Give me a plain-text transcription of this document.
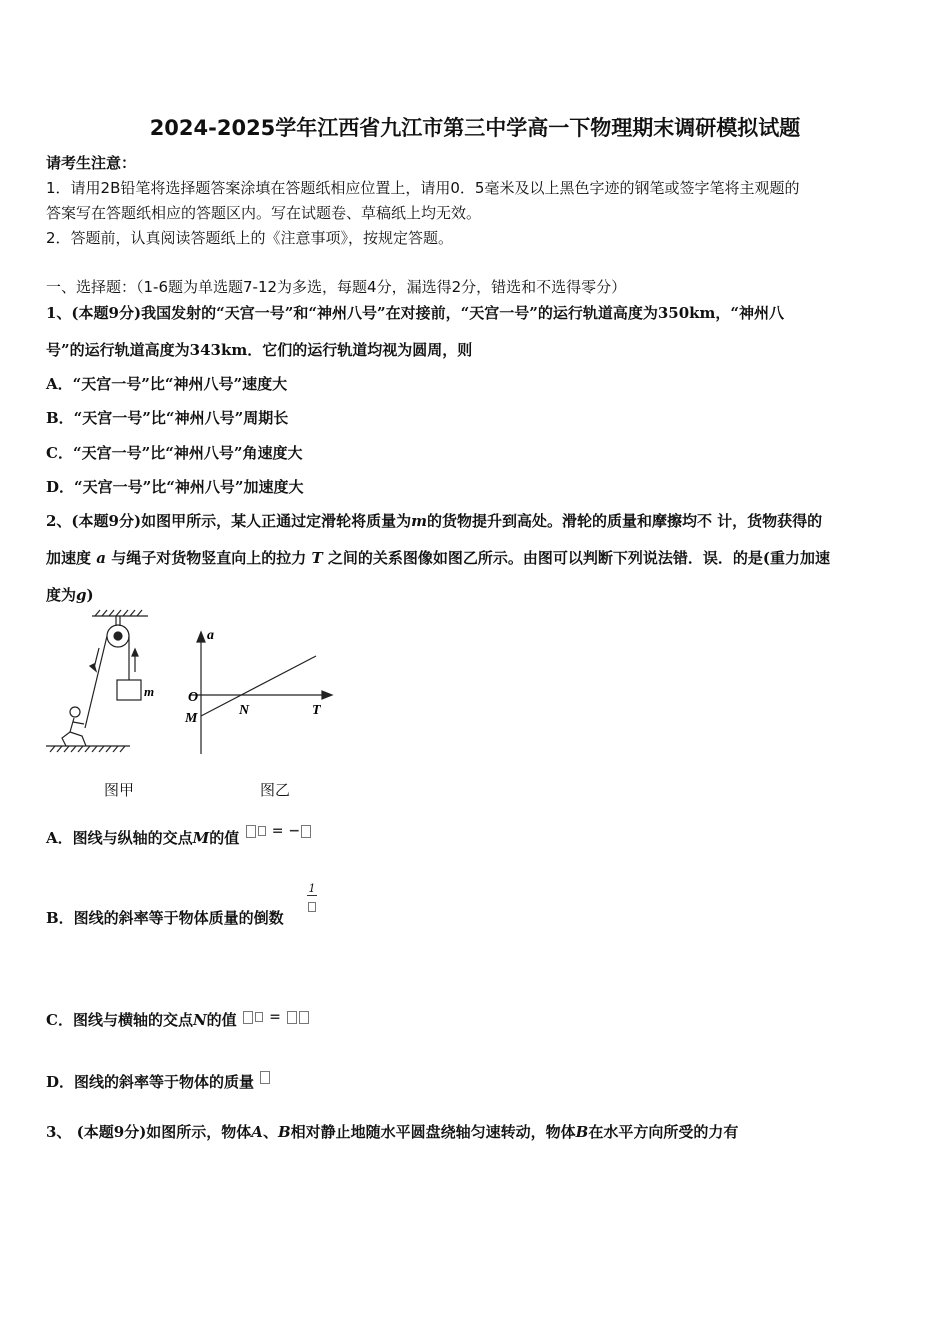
2024-2025学年江西省九江市第三中学高一下物理期末调研模拟试题
请考生注意：
1．请用2B铅笔将选择题答案涂填在答题纸相应位置上，请用0．5毫米及以上黑色字迹的钢笔或签字笔将主观题的
答案写在答题纸相应的答题区内。写在试题卷、草稿纸上均无效。
2．答题前，认真阅读答题纸上的《注意事项》，按规定答题。
一、选择题：（1-6题为单选题7-12为多选，每题4分，漏选得2分，错选和不选得零分）
1、(本题9分)我国发射的“天宫一号”和“神州八号”在对接前，“天宫一号”的运行轨道高度为350km，“神州八
号”的运行轨道高度为343km．它们的运行轨道均视为圆周，则
A．“天宫一号”比“神州八号”速度大
B．“天宫一号”比“神州八号”周期长
C．“天宫一号”比“神州八号”角速度大
D．“天宫一号”比“神州八号”加速度大
2、(本题9分)如图甲所示，某人正通过定滑轮将质量为m的货物提升到高处。滑轮的质量和摩擦均不 计，货物获得的
加速度 a 与绳子对货物竖直向上的拉力 T 之间的关系图像如图乙所示。由图可以判断下列说法错．误．的是(重力加速
度为g)
m
图甲
a
O
M
N	T
图乙
A．图线与纵轴的交点M的值 = −
B．图线的斜率等于物体质量的倒数
1
C．图线与横轴的交点N的值 =
D．图线的斜率等于物体的质量
3、 (本题9分)如图所示，物体A、B相对静止地随水平圆盘绕轴匀速转动，物体B在水平方向所受的力有
